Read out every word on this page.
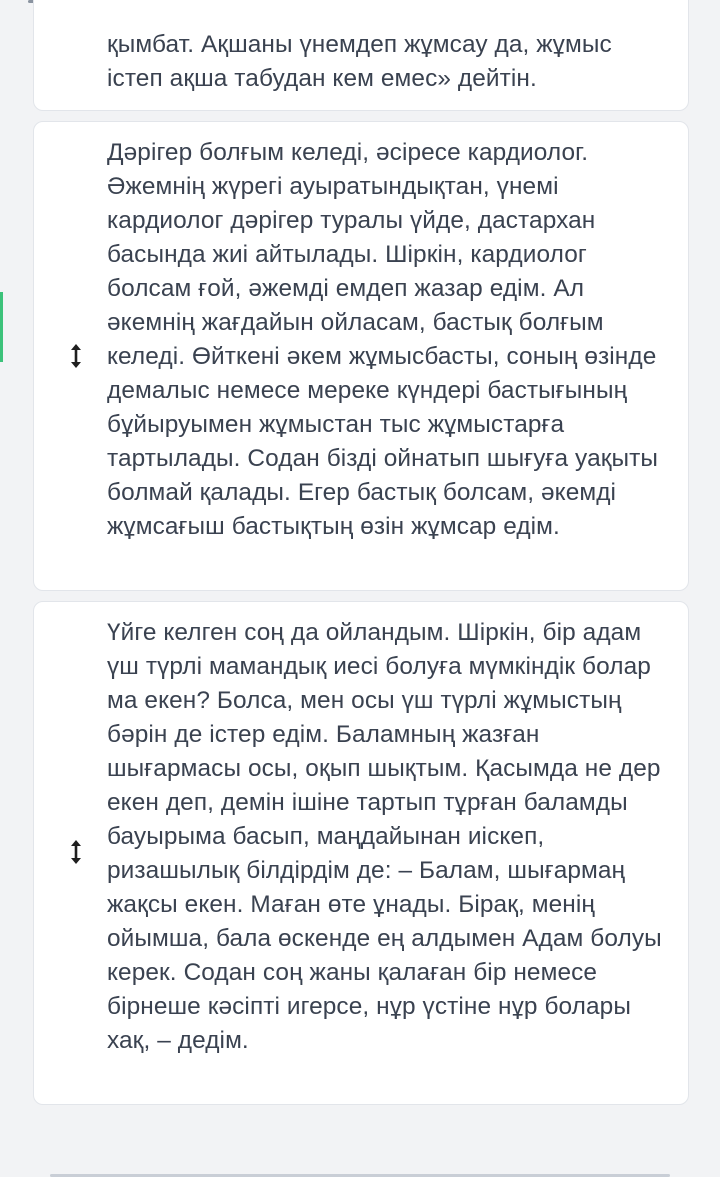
қымбат. Ақшаны үнемдеп жұмсау да, жұмыс істеп ақша табудан кем емес» дейтін.

Дәрігер болғым келеді, әсіресе кардиолог. Әжемнің жүрегі ауыратындықтан, үнемі кардиолог дәрігер туралы үйде, дастархан басында жиі айтылады. Шіркін, кардиолог болсам ғой, әжемді емдеп жазар едім. Ал әкемнің жағдайын ойласам, бастық болғым келеді. Өйткені әкем жұмысбасты, соның өзінде демалыс немесе мереке күндері бастығының бұйыруымен жұмыстан тыс жұмыстарға тартылады. Содан бізді ойнатып шығуға уақыты болмай қалады. Егер бастық болсам, әкемді жұмсағыш бастықтың өзін жұмсар едім.

Үйге келген соң да ойландым. Шіркін, бір адам үш түрлі мамандық иесі болуға мүмкіндік болар ма екен? Болса, мен осы үш түрлі жұмыстың бәрін де істер едім. Баламның жазған шығармасы осы, оқып шықтым. Қасымда не дер екен деп, демін ішіне тартып тұрған баламды бауырыма басып, маңдайынан иіскеп, ризашылық білдірдім де: – Балам, шығармаң жақсы екен. Маған өте ұнады. Бірақ, менің ойымша, бала өскенде ең алдымен Адам болуы керек. Содан соң жаны қалаған бір немесе бірнеше кәсіпті игерсе, нұр үстіне нұр болары хақ, – дедім.
